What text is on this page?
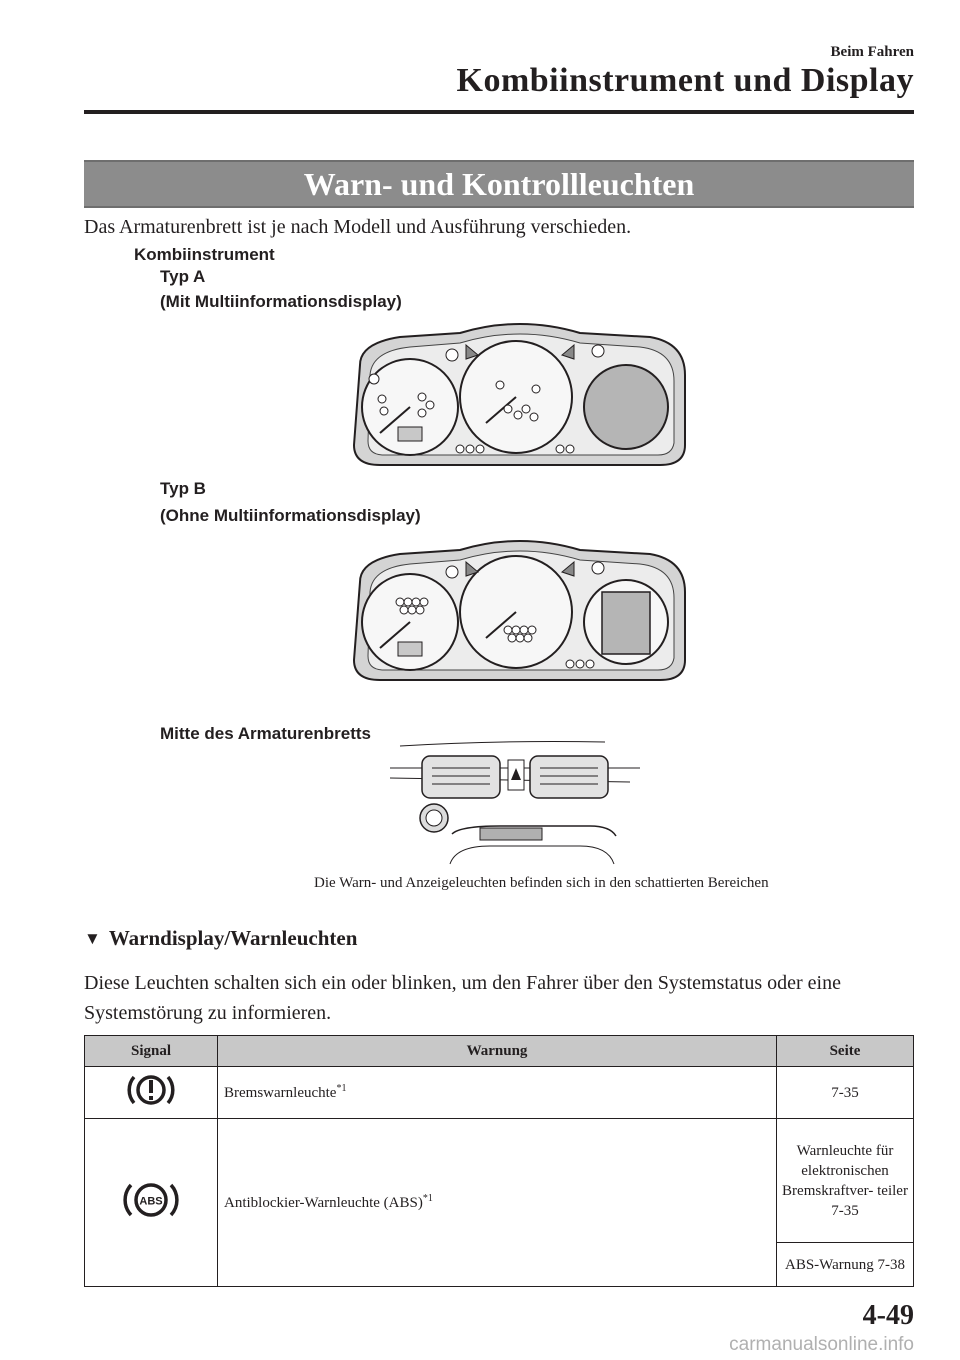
Beim Fahren
Kombiinstrument und Display
Warn- und Kontrollleuchten
Das Armaturenbrett ist je nach Modell und Ausführung verschieden.
Kombiinstrument
Typ A
(Mit Multiinformationsdisplay)
Typ B
(Ohne Multiinformationsdisplay)
Mitte des Armaturenbretts
Die Warn- und Anzeigeleuchten befinden sich in den schattierten Bereichen
▼ Warndisplay/Warnleuchten
Diese Leuchten schalten sich ein oder blinken, um den Fahrer über den Systemstatus oder eine Systemstörung zu informieren.
Signal	Warnung	Seite
	Bremswarnleuchte$^{*1}$	7-35

ABS	Antiblockier-Warnleuchte (ABS)$^{*1}$	Warnleuchte für elektronischen Bremskraftver- teiler 7-35
		ABS-Warnung 7-38
4-49
carmanualsonline.info
